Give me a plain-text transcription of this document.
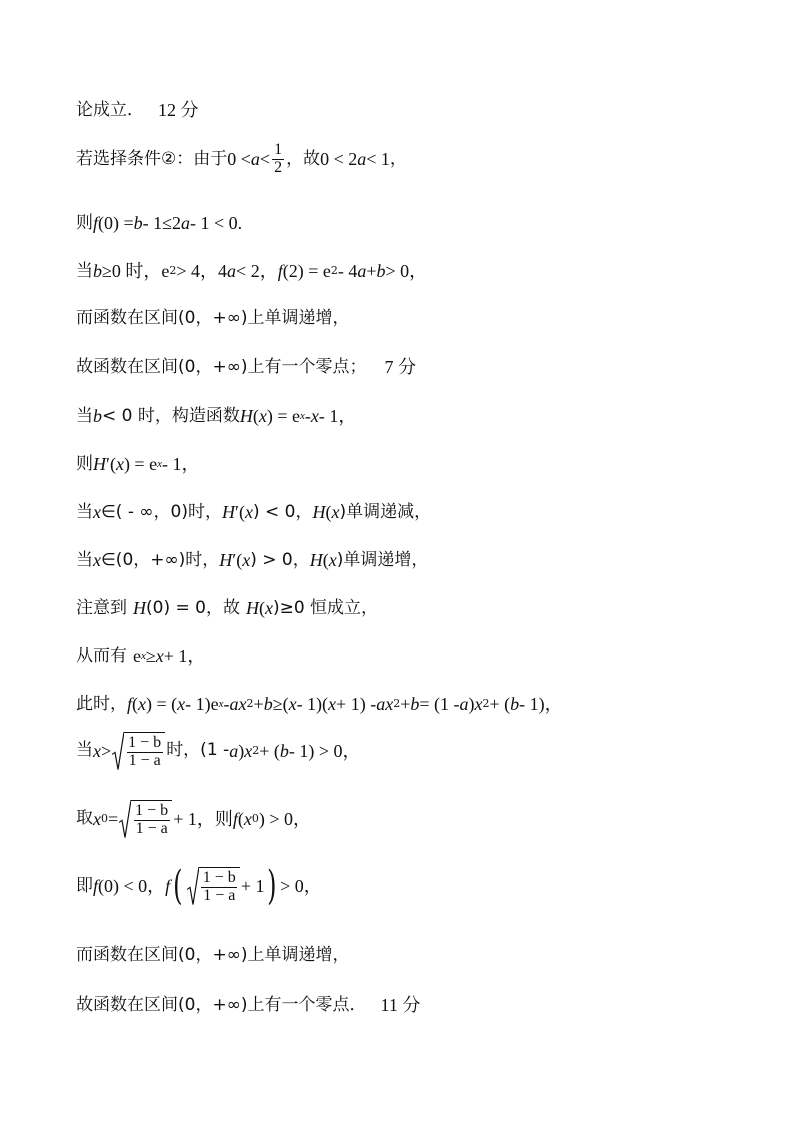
论成立． 12 分
若选择条件②：由于 $0 < a < \frac{1}{2}$ ，故 0 < 2 a < 1 ，
则 f (0) = b - 1≤2 a - 1 < 0.
当 b ≥0 时， e 2 > 4，4 a < 2， f (2) = e 2 - 4 a + b > 0，
而函数在区间(0，+∞)上单调递增，
故函数在区间(0，+∞)上有一个零点； 7 分
当 b < 0 时，构造函数 H ( x ) = e x - x - 1，
则 H ′( x ) = e x - 1，
当 x ∈( - ∞，0)时， H ′( x ) < 0， H ( x )单调递减，
当 x ∈(0，+∞)时， H ′( x ) > 0， H ( x )单调递增，
注意到 H (0) = 0，故 H ( x )≥0 恒成立，
从而有 e x ≥ x + 1，
此时， f ( x ) = ( x - 1)e x - ax 2 + b ≥( x - 1)( x + 1) - ax 2 + b = (1 - a ) x 2 + ( b - 1)，
当 $x > \frac{1 - b}{1 - a}$ 时，(1 - a ) x 2 + ( b - 1) > 0，
取 x $0 = \frac{1 - b}{1 - a} + 1$，则 f ( x 0 ) > 0，
即 f (0) < 0， f ( $\frac{1 - b}{1 - a} + 1$ ) > 0，
而函数在区间(0，+∞)上单调递增，
故函数在区间(0，+∞)上有一个零点． 11 分
